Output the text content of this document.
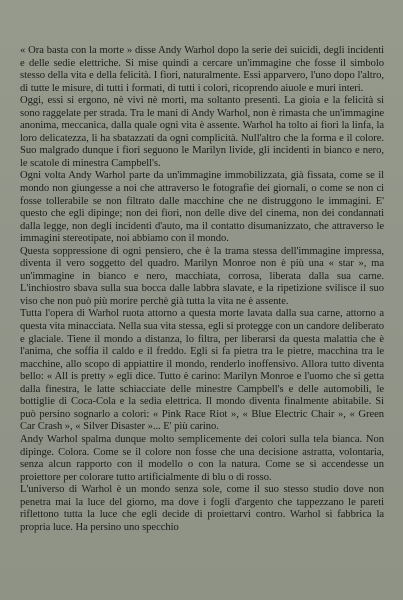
« Ora basta con la morte » disse Andy Warhol dopo la serie dei suicidi, degli incidenti e delle sedie elettriche. Si mise quindi a cercare un'immagine che fosse il simbolo stesso della vita e della felicità. I fiori, naturalmente. Essi apparvero, l'uno dopo l'altro, di tutte le misure, di tutti i formati, di tutti i colori, ricoprendo aiuole e muri interi.

Oggi, essi si ergono, nè vivi nè morti, ma soltanto presenti. La gioia e la felicità si sono raggelate per strada. Tra le mani di Andy Warhol, non è rimasta che un'immagine anonima, meccanica, dalla quale ogni vita è assente. Warhol ha tolto ai fiori la linfa, la loro delicatezza, li ha sbatazzati da ogni complicità. Null'altro che la forma e il colore. Suo malgrado dunque i fiori seguono le Marilyn livide, gli incidenti in bianco e nero, le scatole di minestra Campbell's.

Ogni volta Andy Warhol parte da un'immagine immobilizzata, già fissata, come se il mondo non giungesse a noi che attraverso le fotografie dei giornali, o come se non ci fosse tollerabile se non filtrato dalle macchine che ne distruggono le immagini. E' questo che egli dipinge; non dei fiori, non delle dive del cinema, non dei condannati dalla legge, non degli incidenti d'auto, ma il contatto disumanizzato, che attraverso le immagini stereotipate, noi abbiamo con il mondo.

Questa soppressione di ogni pensiero, che è la trama stessa dell'immagine impressa, diventa il vero soggetto del quadro. Marilyn Monroe non è più una « star », ma un'immagine in bianco e nero, macchiata, corrosa, liberata dalla sua carne. L'inchiostro sbava sulla sua bocca dalle labbra slavate, e la ripetizione svilisce il suo viso che non può più morire perchè già tutta la vita ne è assente.

Tutta l'opera di Warhol ruota attorno a questa morte lavata dalla sua carne, attorno a questa vita minacciata. Nella sua vita stessa, egli si protegge con un candore deliberato e glaciale. Tiene il mondo a distanza, lo filtra, per liberarsi da questa malattia che è l'anima, che soffia il caldo e il freddo. Egli si fa pietra tra le pietre, macchina tra le macchine, allo scopo di appiattire il mondo, renderlo inoffensivo. Allora tutto diventa bello: « All is pretty » egli dice. Tutto è carino: Marilyn Monroe e l'uomo che si getta dalla finestra, le latte schiacciate delle minestre Campbell's e delle automobili, le bottiglie di Coca-Cola e la sedia elettrica. Il mondo diventa finalmente abitabile. Si può persino sognarlo a colori: « Pink Race Riot », « Blue Electric Chair », « Green Car Crash », « Silver Disaster »... E' più carino.

Andy Warhol spalma dunque molto semplicemente dei colori sulla tela bianca. Non dipinge. Colora. Come se il colore non fosse che una decisione astratta, volontaria, senza alcun rapporto con il modello o con la natura. Come se si accendesse un proiettore per colorare tutto artificialmente di blu o di rosso.

L'universo di Warhol è un mondo senza sole, come il suo stesso studio dove non penetra mai la luce del giorno, ma dove i fogli d'argento che tappezzano le pareti riflettono tutta la luce che egli decide di proiettarvi contro. Warhol si fabbrica la propria luce. Ha persino uno specchio
